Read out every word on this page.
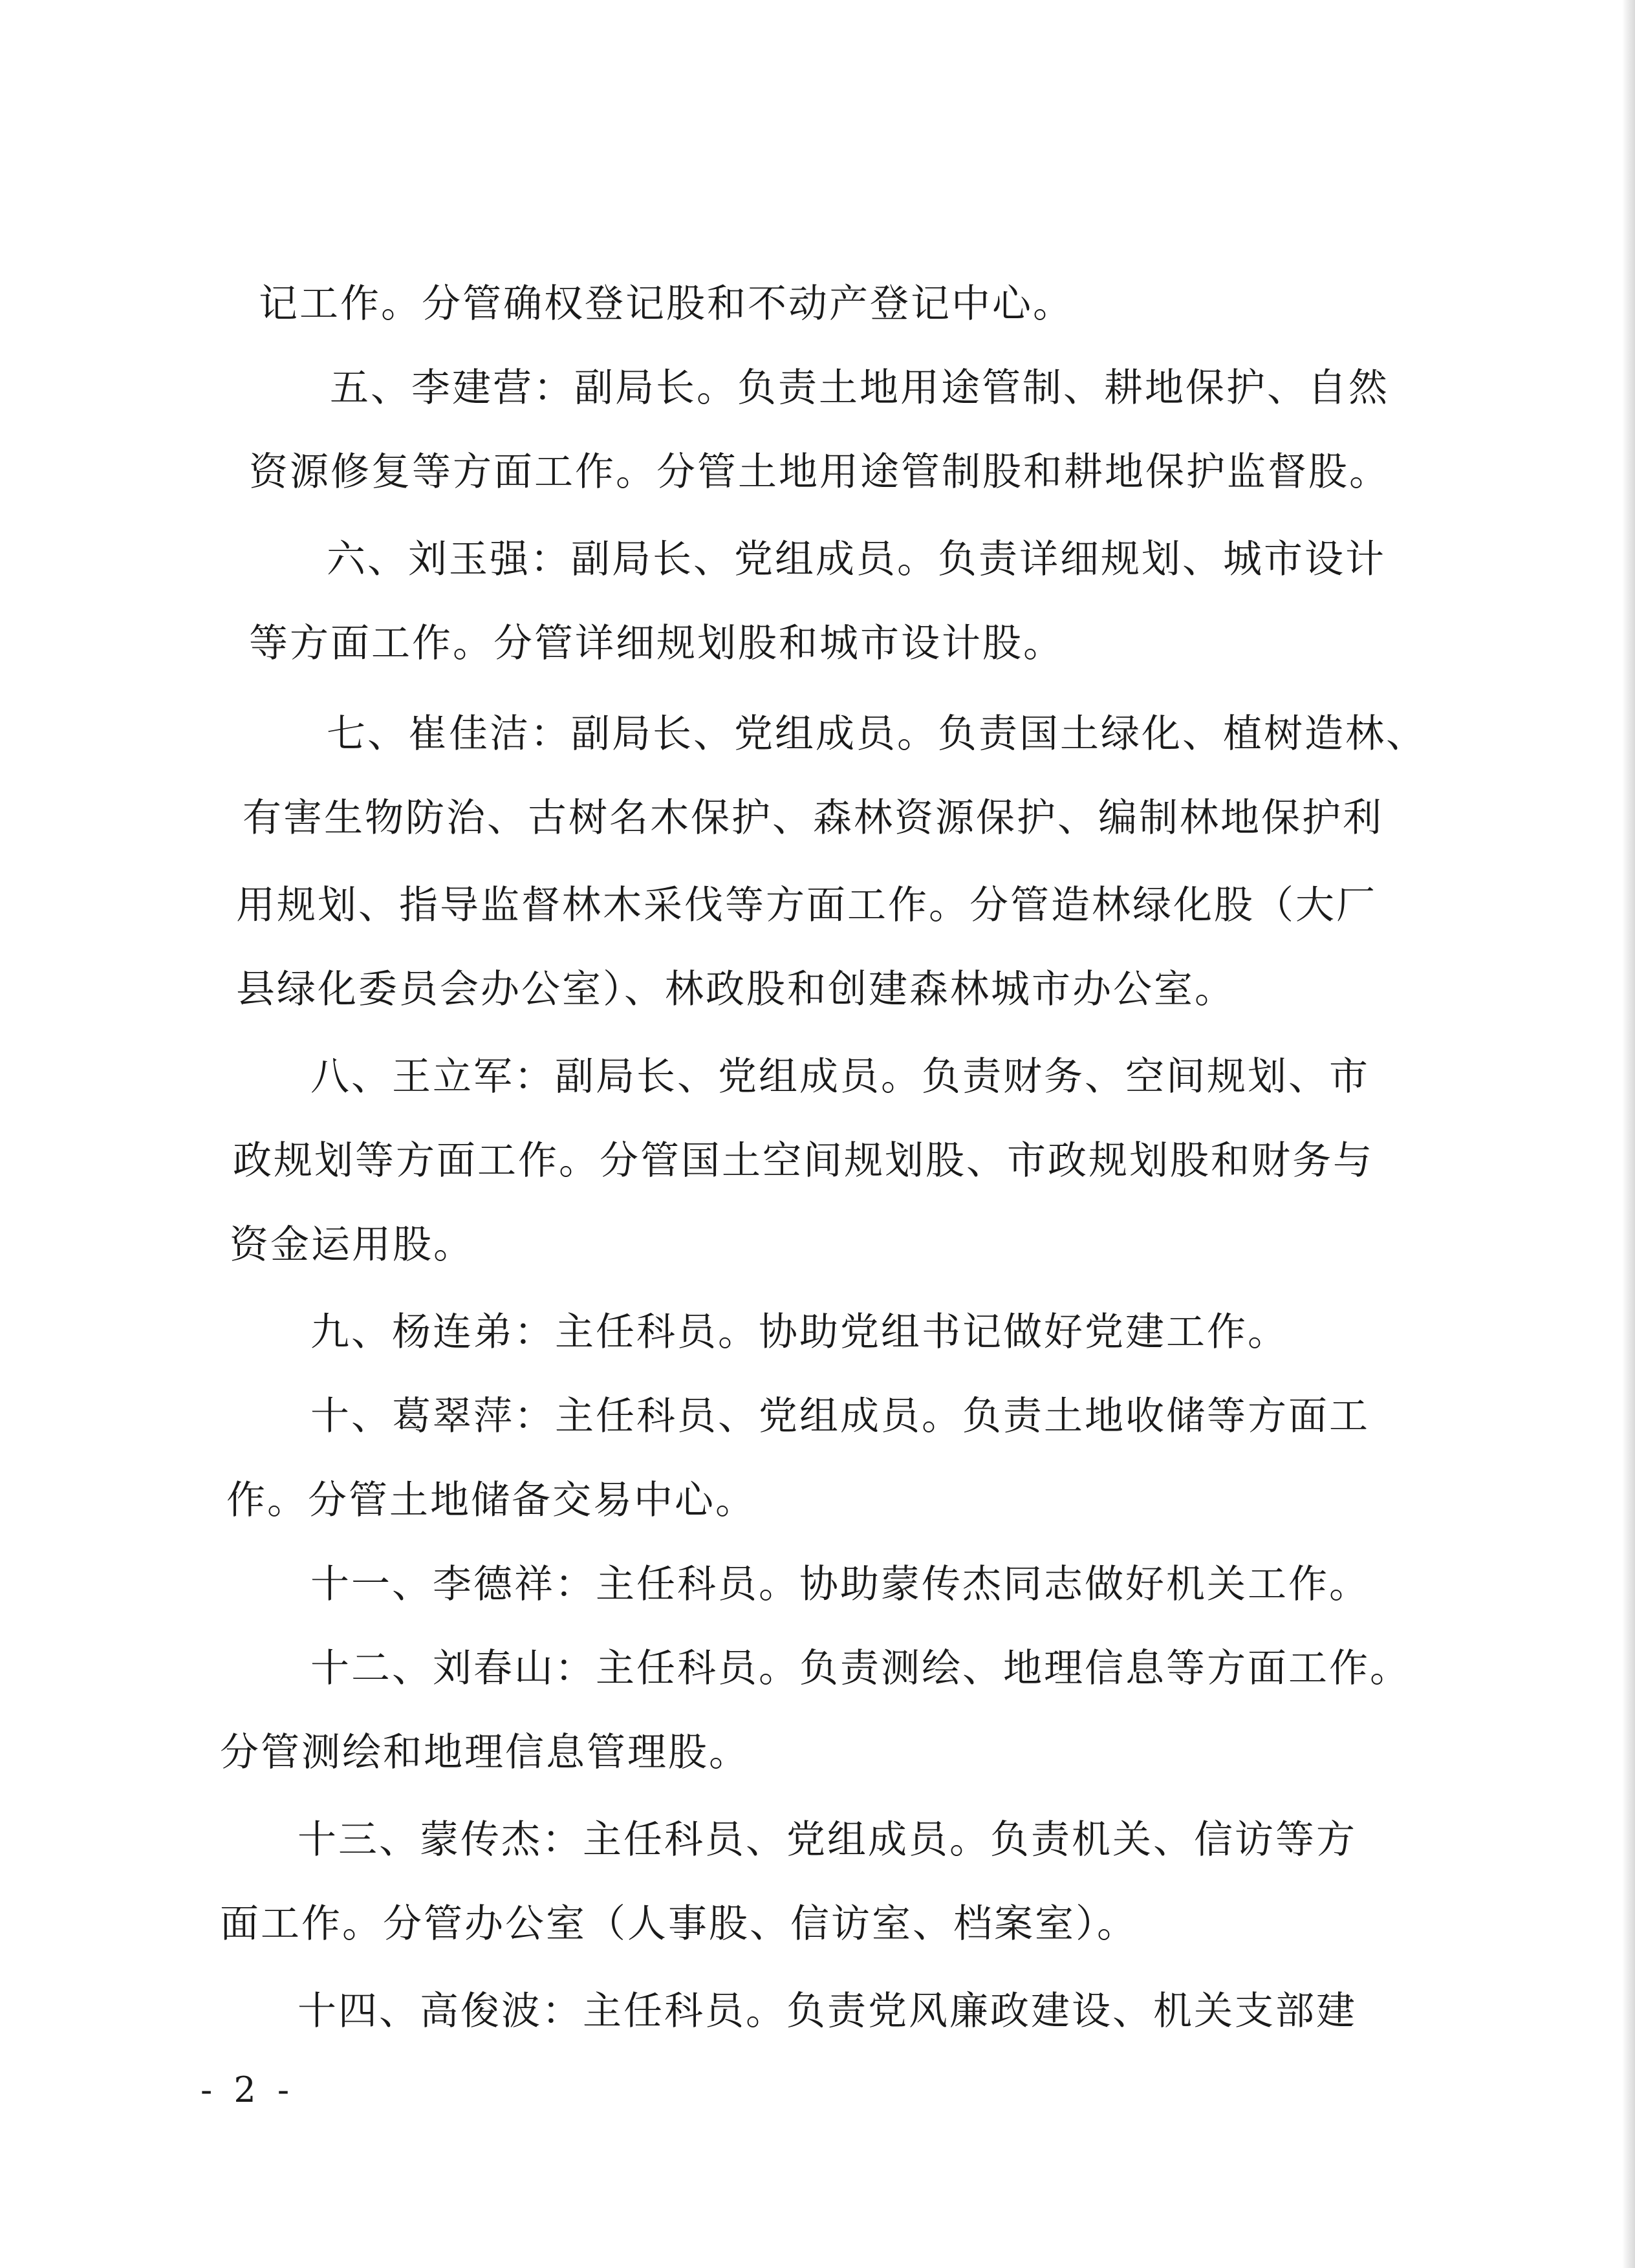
记工作。分管确权登记股和不动产登记中心。
五、李建营：副局长。负责土地用途管制、耕地保护、自然
资源修复等方面工作。分管土地用途管制股和耕地保护监督股。
六、刘玉强：副局长、党组成员。负责详细规划、城市设计
等方面工作。分管详细规划股和城市设计股。
七、崔佳洁：副局长、党组成员。负责国土绿化、植树造林、
有害生物防治、古树名木保护、森林资源保护、编制林地保护利
用规划、指导监督林木采伐等方面工作。分管造林绿化股（大厂
县绿化委员会办公室）、林政股和创建森林城市办公室。
八、王立军：副局长、党组成员。负责财务、空间规划、市
政规划等方面工作。分管国土空间规划股、市政规划股和财务与
资金运用股。
九、杨连弟：主任科员。协助党组书记做好党建工作。
十、葛翠萍：主任科员、党组成员。负责土地收储等方面工
作。分管土地储备交易中心。
十一、李德祥：主任科员。协助蒙传杰同志做好机关工作。
十二、刘春山：主任科员。负责测绘、地理信息等方面工作。
分管测绘和地理信息管理股。
十三、蒙传杰：主任科员、党组成员。负责机关、信访等方
面工作。分管办公室（人事股、信访室、档案室）。
十四、高俊波：主任科员。负责党风廉政建设、机关支部建
- 2 -
